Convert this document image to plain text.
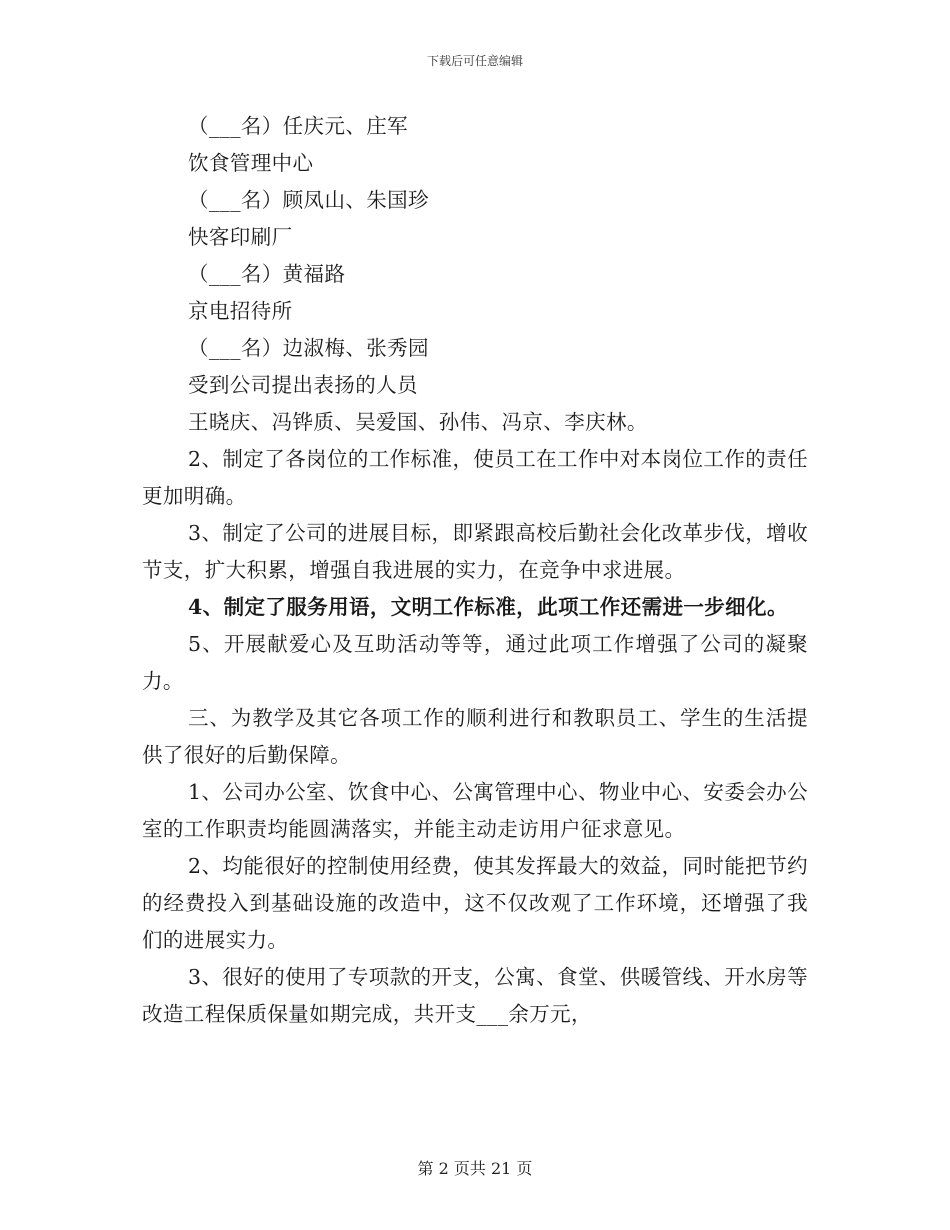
下载后可任意编辑
（___名）任庆元、庄军
饮食管理中心
（___名）顾凤山、朱国珍
快客印刷厂
（___名）黄福路
京电招待所
（___名）边淑梅、张秀园
受到公司提出表扬的人员
王晓庆、冯铧质、吴爱国、孙伟、冯京、李庆林。

2、制定了各岗位的工作标准，使员工在工作中对本岗位工作的责任更加明确。

3、制定了公司的进展目标，即紧跟高校后勤社会化改革步伐，增收节支，扩大积累，增强自我进展的实力，在竞争中求进展。

4、制定了服务用语，文明工作标准，此项工作还需进一步细化。

5、开展献爱心及互助活动等等，通过此项工作增强了公司的凝聚力。

三、为教学及其它各项工作的顺利进行和教职员工、学生的生活提供了很好的后勤保障。

1、公司办公室、饮食中心、公寓管理中心、物业中心、安委会办公室的工作职责均能圆满落实，并能主动走访用户征求意见。

2、均能很好的控制使用经费，使其发挥最大的效益，同时能把节约的经费投入到基础设施的改造中，这不仅改观了工作环境，还增强了我们的进展实力。

3、很好的使用了专项款的开支，公寓、食堂、供暖管线、开水房等改造工程保质保量如期完成，共开支___余万元，

第 2 页共 21 页
